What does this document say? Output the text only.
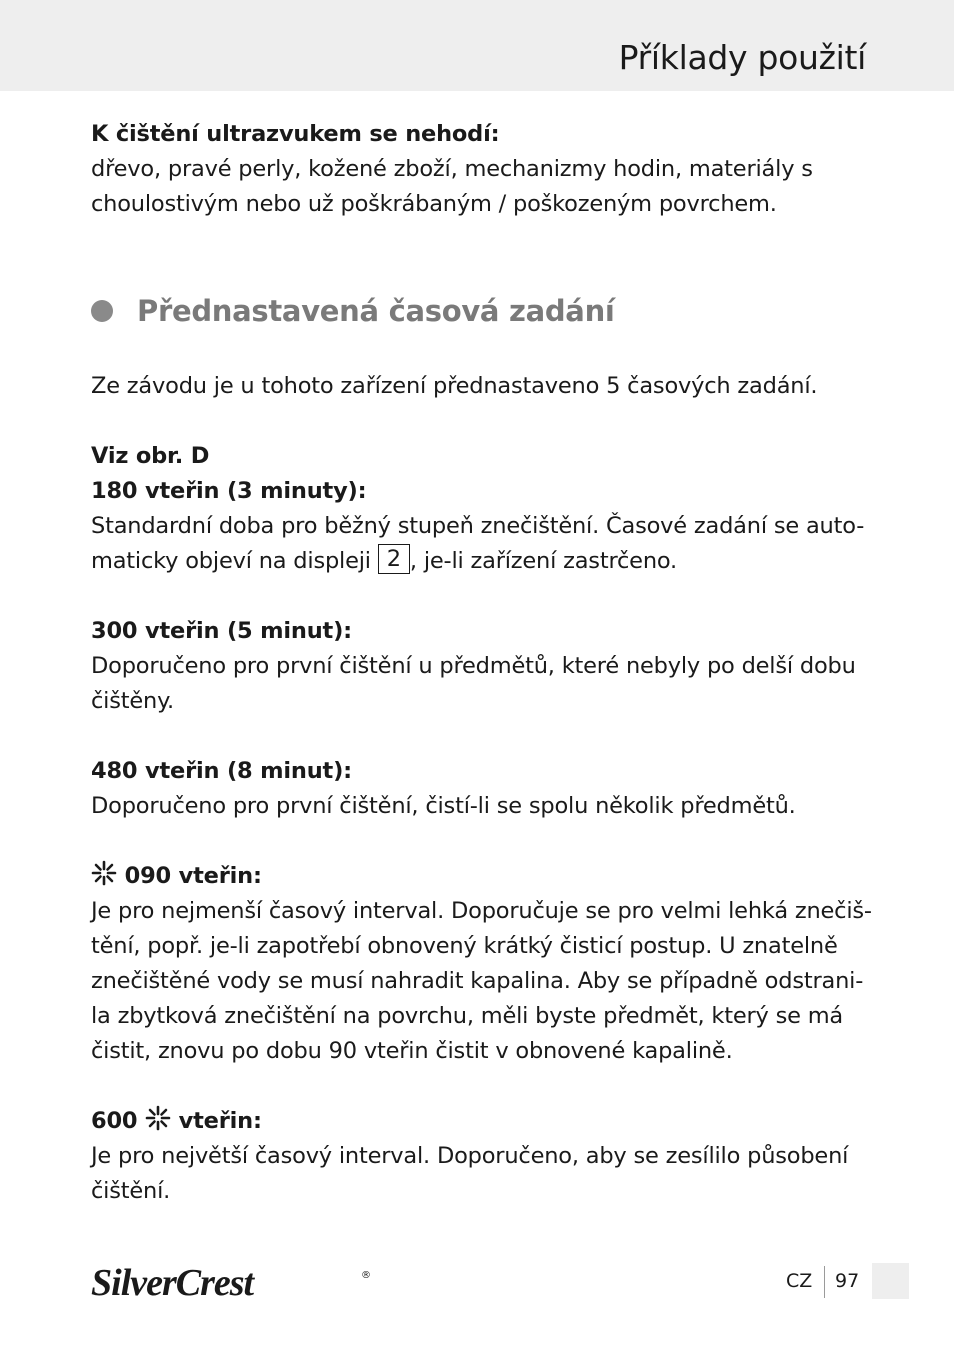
Příklady použití

K čištění ultrazvukem se nehodí:

dřevo, pravé perly, kožené zboží, mechanizmy hodin, materiály s

choulostivým nebo už poškrábaným / poškozeným povrchem.

Přednastavená časová zadání

Ze závodu je u tohoto zařízení přednastaveno 5 časových zadání.

Viz obr. D

180 vteřin (3 minuty):

Standardní doba pro běžný stupeň znečištění. Časové zadání se auto-

maticky objeví na displeji 2 , je-li zařízení zastrčeno.

300 vteřin (5 minut):

Doporučeno pro první čištění u předmětů, které nebyly po delší dobu

čištěny.

480 vteřin (8 minut):

Doporučeno pro první čištění, čistí-li se spolu několik předmětů.

090 vteřin:

Je pro nejmenší časový interval. Doporučuje se pro velmi lehká znečiš-

tění, popř. je-li zapotřebí obnovený krátký čisticí postup. U znatelně

znečištěné vody se musí nahradit kapalina. Aby se případně odstrani-

la zbytková znečištění na povrchu, měli byste předmět, který se má

čistit, znovu po dobu 90 vteřin čistit v obnovené kapalině.

600 vteřin:

Je pro největší časový interval. Doporučeno, aby se zesílilo působení

čištění.

SilverCrest	®	CZ 97
